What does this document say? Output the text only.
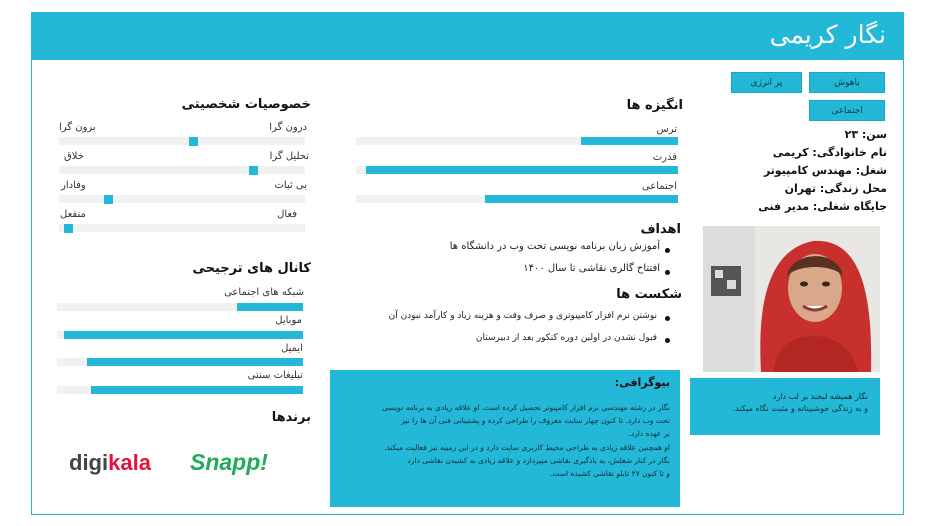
نگار کریمی
باهوش
پر انرژی
اجتماعی
سن: ۲۳
نام خانوادگی: کریمی
شغل: مهندس کامپیوتر
محل زندگی: تهران
جایگاه شغلی: مدیر فنی
نگار همیشه لبخند بر لب دارد
و به زندگی خوشبینانه و مثبت نگاه میکند.
انگیزه ها
ترس
قدرت
اجتماعی
اهداف
آموزش زبان برنامه نویسی تحت وب در دانشگاه ها
افتتاح گالری نقاشی تا سال ۱۴۰۰
شکست ها
نوشتن نرم افزار کامپیوتری و صرف وقت و هزینه زیاد و کارآمد نبودن آن
قبول نشدن در اولین دوره کنکور بعد از دبیرستان
بیوگرافی:
نگار در رشته مهندسی نرم افزار کامپیوتر تحصیل کرده است. او علاقه زیادی به برنامه نویسی
تحت وب دارد. تا کنون چهار سایت معروف را طراحی کرده و پشتیبانی فنی آن ها را نیز
بر عهده دارد.
او همچنین علاقه زیادی به طراحی محیط کاربری سایت دارد و در این زمینه نیز فعالیت میکند.
نگار در کنار شغلش، به یادگیری نقاشی میپردازد و علاقه زیادی به کشیدن نقاشی دارد
و تا کنون ۲۷ تابلو نقاشی کشیده است.
خصوصیات شخصیتی
درون گرا
برون گرا
تحلیل گرا
خلاق
بی ثبات
وفادار
فعال
منفعل
کانال های ترجیحی
شبکه های اجتماعی
موبایل
ایمیل
تبلیغات سنتی
برندها
digikala Snapp!
